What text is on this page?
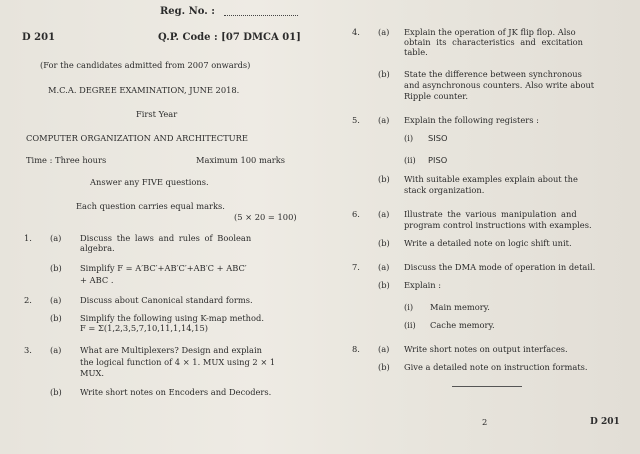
Reg. No. :
D 201	Q.P. Code : [07 DMCA 01]
(For the candidates admitted from 2007 onwards)
M.C.A. DEGREE EXAMINATION, JUNE 2018.
First Year
COMPUTER ORGANIZATION AND ARCHITECTURE
Time : Three hours	Maximum 100 marks
Answer any FIVE questions.
Each question carries equal marks.
(5 × 20 = 100)
1. (a) Discuss the laws and rules of Boolean
algebra.
(b) Simplify F = A′BC′+AB′C′+AB′C + ABC′
+ ABC .
2. (a) Discuss about Canonical standard forms.
(b) Simplify the following using K-map method.
F = Σ(1,2,3,5,7,10,11,1,14,15)
3. (a) What are Multiplexers? Design and explain
the logical function of 4 × 1. MUX using 2 × 1
MUX.
(b) Write short notes on Encoders and Decoders.
4. (a) Explain the operation of JK flip flop. Also
obtain its characteristics and excitation
table.
(b) State the difference between synchronous
and asynchronous counters. Also write about
Ripple counter.
5. (a) Explain the following registers :
(i) SISO
(ii) PISO
(b) With suitable examples explain about the
stack organization.
6. (a) Illustrate the various manipulation and
program control instructions with examples.
(b) Write a detailed note on logic shift unit.
7. (a) Discuss the DMA mode of operation in detail.
(b) Explain :
(i) Main memory.
(ii) Cache memory.
8. (a) Write short notes on output interfaces.
(b) Give a detailed note on instruction formats.
2	D 201
